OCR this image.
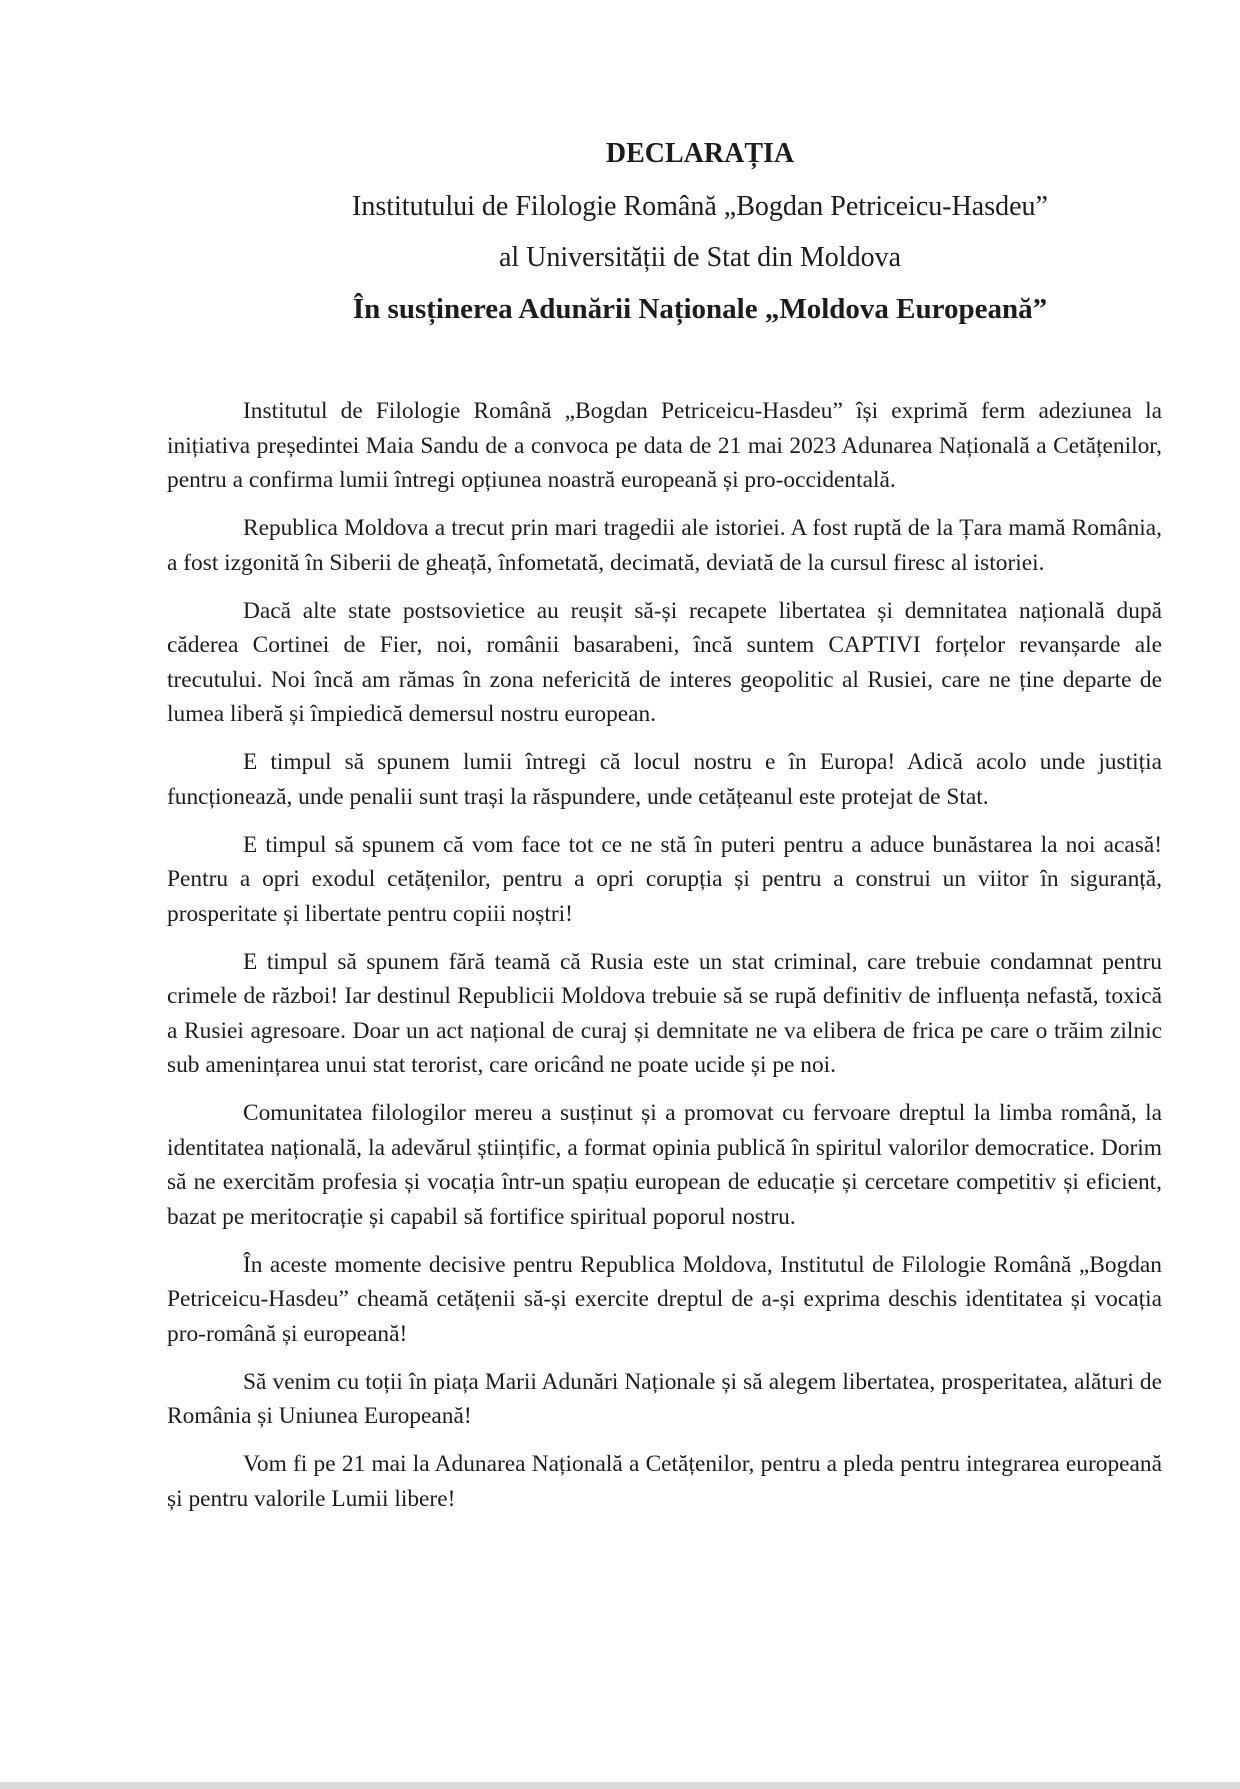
DECLARAȚIA
Institutului de Filologie Română „Bogdan Petriceicu-Hasdeu”
al Universității de Stat din Moldova
În susținerea Adunării Naționale „Moldova Europeană”

Institutul de Filologie Română „Bogdan Petriceicu-Hasdeu” își exprimă ferm adeziunea la inițiativa președintei Maia Sandu de a convoca pe data de 21 mai 2023 Adunarea Națională a Cetățenilor, pentru a confirma lumii întregi opțiunea noastră europeană și pro-occidentală.

Republica Moldova a trecut prin mari tragedii ale istoriei. A fost ruptă de la Țara mamă România, a fost izgonită în Siberii de gheață, înfometată, decimată, deviată de la cursul firesc al istoriei.

Dacă alte state postsovietice au reușit să-și recapete libertatea și demnitatea națională după căderea Cortinei de Fier, noi, românii basarabeni, încă suntem CAPTIVI forțelor revanșarde ale trecutului. Noi încă am rămas în zona nefericită de interes geopolitic al Rusiei, care ne ține departe de lumea liberă și împiedică demersul nostru european.

E timpul să spunem lumii întregi că locul nostru e în Europa! Adică acolo unde justiția funcționează, unde penalii sunt trași la răspundere, unde cetățeanul este protejat de Stat.

E timpul să spunem că vom face tot ce ne stă în puteri pentru a aduce bunăstarea la noi acasă! Pentru a opri exodul cetățenilor, pentru a opri corupția și pentru a construi un viitor în siguranță, prosperitate și libertate pentru copiii noștri!

E timpul să spunem fără teamă că Rusia este un stat criminal, care trebuie condamnat pentru crimele de război! Iar destinul Republicii Moldova trebuie să se rupă definitiv de influența nefastă, toxică a Rusiei agresoare. Doar un act național de curaj și demnitate ne va elibera de frica pe care o trăim zilnic sub amenințarea unui stat terorist, care oricând ne poate ucide și pe noi.

Comunitatea filologilor mereu a susținut și a promovat cu fervoare dreptul la limba română, la identitatea națională, la adevărul științific, a format opinia publică în spiritul valorilor democratice. Dorim să ne exercităm profesia și vocația într-un spațiu european de educație și cercetare competitiv și eficient, bazat pe meritocrație și capabil să fortifice spiritual poporul nostru.

În aceste momente decisive pentru Republica Moldova, Institutul de Filologie Română „Bogdan Petriceicu-Hasdeu” cheamă cetățenii să-și exercite dreptul de a-și exprima deschis identitatea și vocația pro-română și europeană!

Să venim cu toții în piața Marii Adunări Naționale și să alegem libertatea, prosperitatea, alături de România și Uniunea Europeană!

Vom fi pe 21 mai la Adunarea Națională a Cetățenilor, pentru a pleda pentru integrarea europeană și pentru valorile Lumii libere!
